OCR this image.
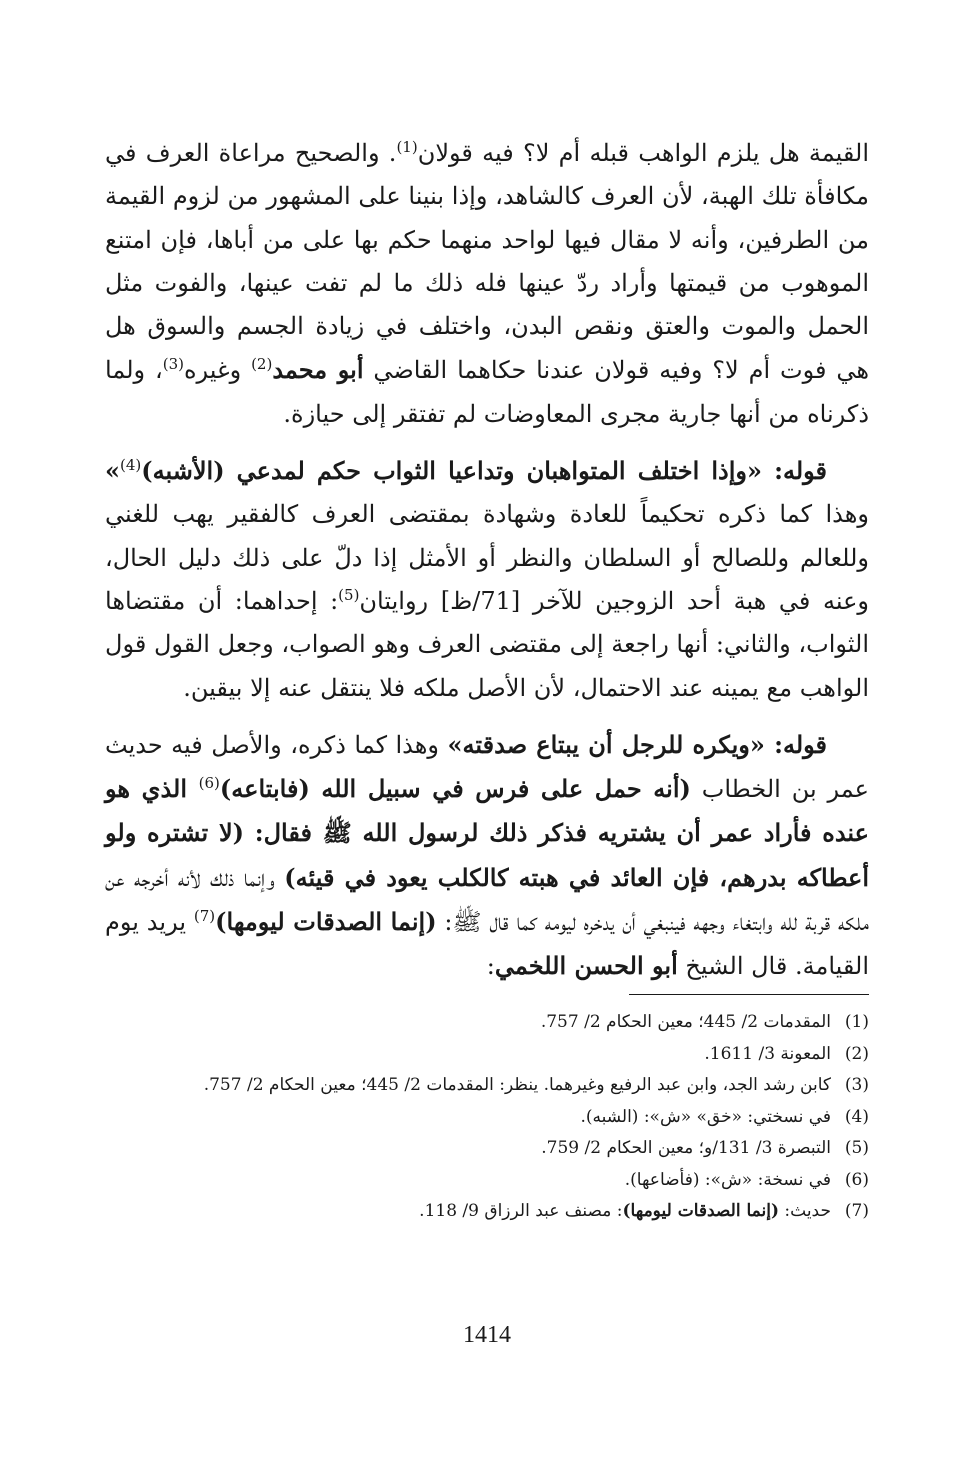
القيمة هل يلزم الواهب قبله أم لا؟ فيه قولان$^{(1)}$. والصحيح مراعاة العرف في مكافأة تلك الهبة، لأن العرف كالشاهد، وإذا بنينا على المشهور من لزوم القيمة من الطرفين، وأنه لا مقال فيها لواحد منهما حكم بها على من أباها، فإن امتنع الموهوب من قيمتها وأراد ردّ عينها فله ذلك ما لم تفت عينها، والفوت مثل الحمل والموت والعتق ونقص البدن، واختلف في زيادة الجسم والسوق هل هي فوت أم لا؟ وفيه قولان عندنا حكاهما القاضي أبو محمد$^{(2)}$ وغيره$^{(3)}$، ولما ذكرناه من أنها جارية مجرى المعاوضات لم تفتقر إلى حيازة.

قوله: «وإذا اختلف المتواهبان وتداعيا الثواب حكم لمدعي (الأشبه)$^{(4)}$» وهذا كما ذكره تحكيماً للعادة وشهادة بمقتضى العرف كالفقير يهب للغني وللعالم وللصالح أو السلطان والنظر أو الأمثل إذا دلّ على ذلك دليل الحال، وعنه في هبة أحد الزوجين للآخر [71/ظ] روايتان$^{(5)}$: إحداهما: أن مقتضاها الثواب، والثاني: أنها راجعة إلى مقتضى العرف وهو الصواب، وجعل القول قول الواهب مع يمينه عند الاحتمال، لأن الأصل ملكه فلا ينتقل عنه إلا بيقين.

قوله: «ويكره للرجل أن يبتاع صدقته» وهذا كما ذكره، والأصل فيه حديث عمر بن الخطاب (أنه حمل على فرس في سبيل الله (فابتاعه)$^{(6)}$ الذي هو عنده فأراد عمر أن يشتريه فذكر ذلك لرسول الله ﷺ فقال: (لا تشتره ولو أعطاكه بدرهم، فإن العائد في هبته كالكلب يعود في قيئه) وإنما ذلك لأنه أخرجه عن ملكه قربة لله وابتغاء وجهه فينبغي أن يدخره ليومه كما قال ﷺ: (إنما الصدقات ليومها)$^{(7)}$ يريد يوم القيامة. قال الشيخ أبو الحسن اللخمي:

(1)
المقدمات 2/ 445؛ معين الحكام 2/ 757.
(2)
المعونة 3/ 1611.
(3)
كابن رشد الجد، وابن عبد الرفيع وغيرهما. ينظر: المقدمات 2/ 445؛ معين الحكام 2/ 757.
(4)
في نسختي: «خق» «ش»: (الشبه).
(5)
التبصرة 3/ 131/و؛ معين الحكام 2/ 759.
(6)
في نسخة: «ش»: (فأضاعها).
(7)
حديث: (إنما الصدقات ليومها): مصنف عبد الرزاق 9/ 118.
1414
